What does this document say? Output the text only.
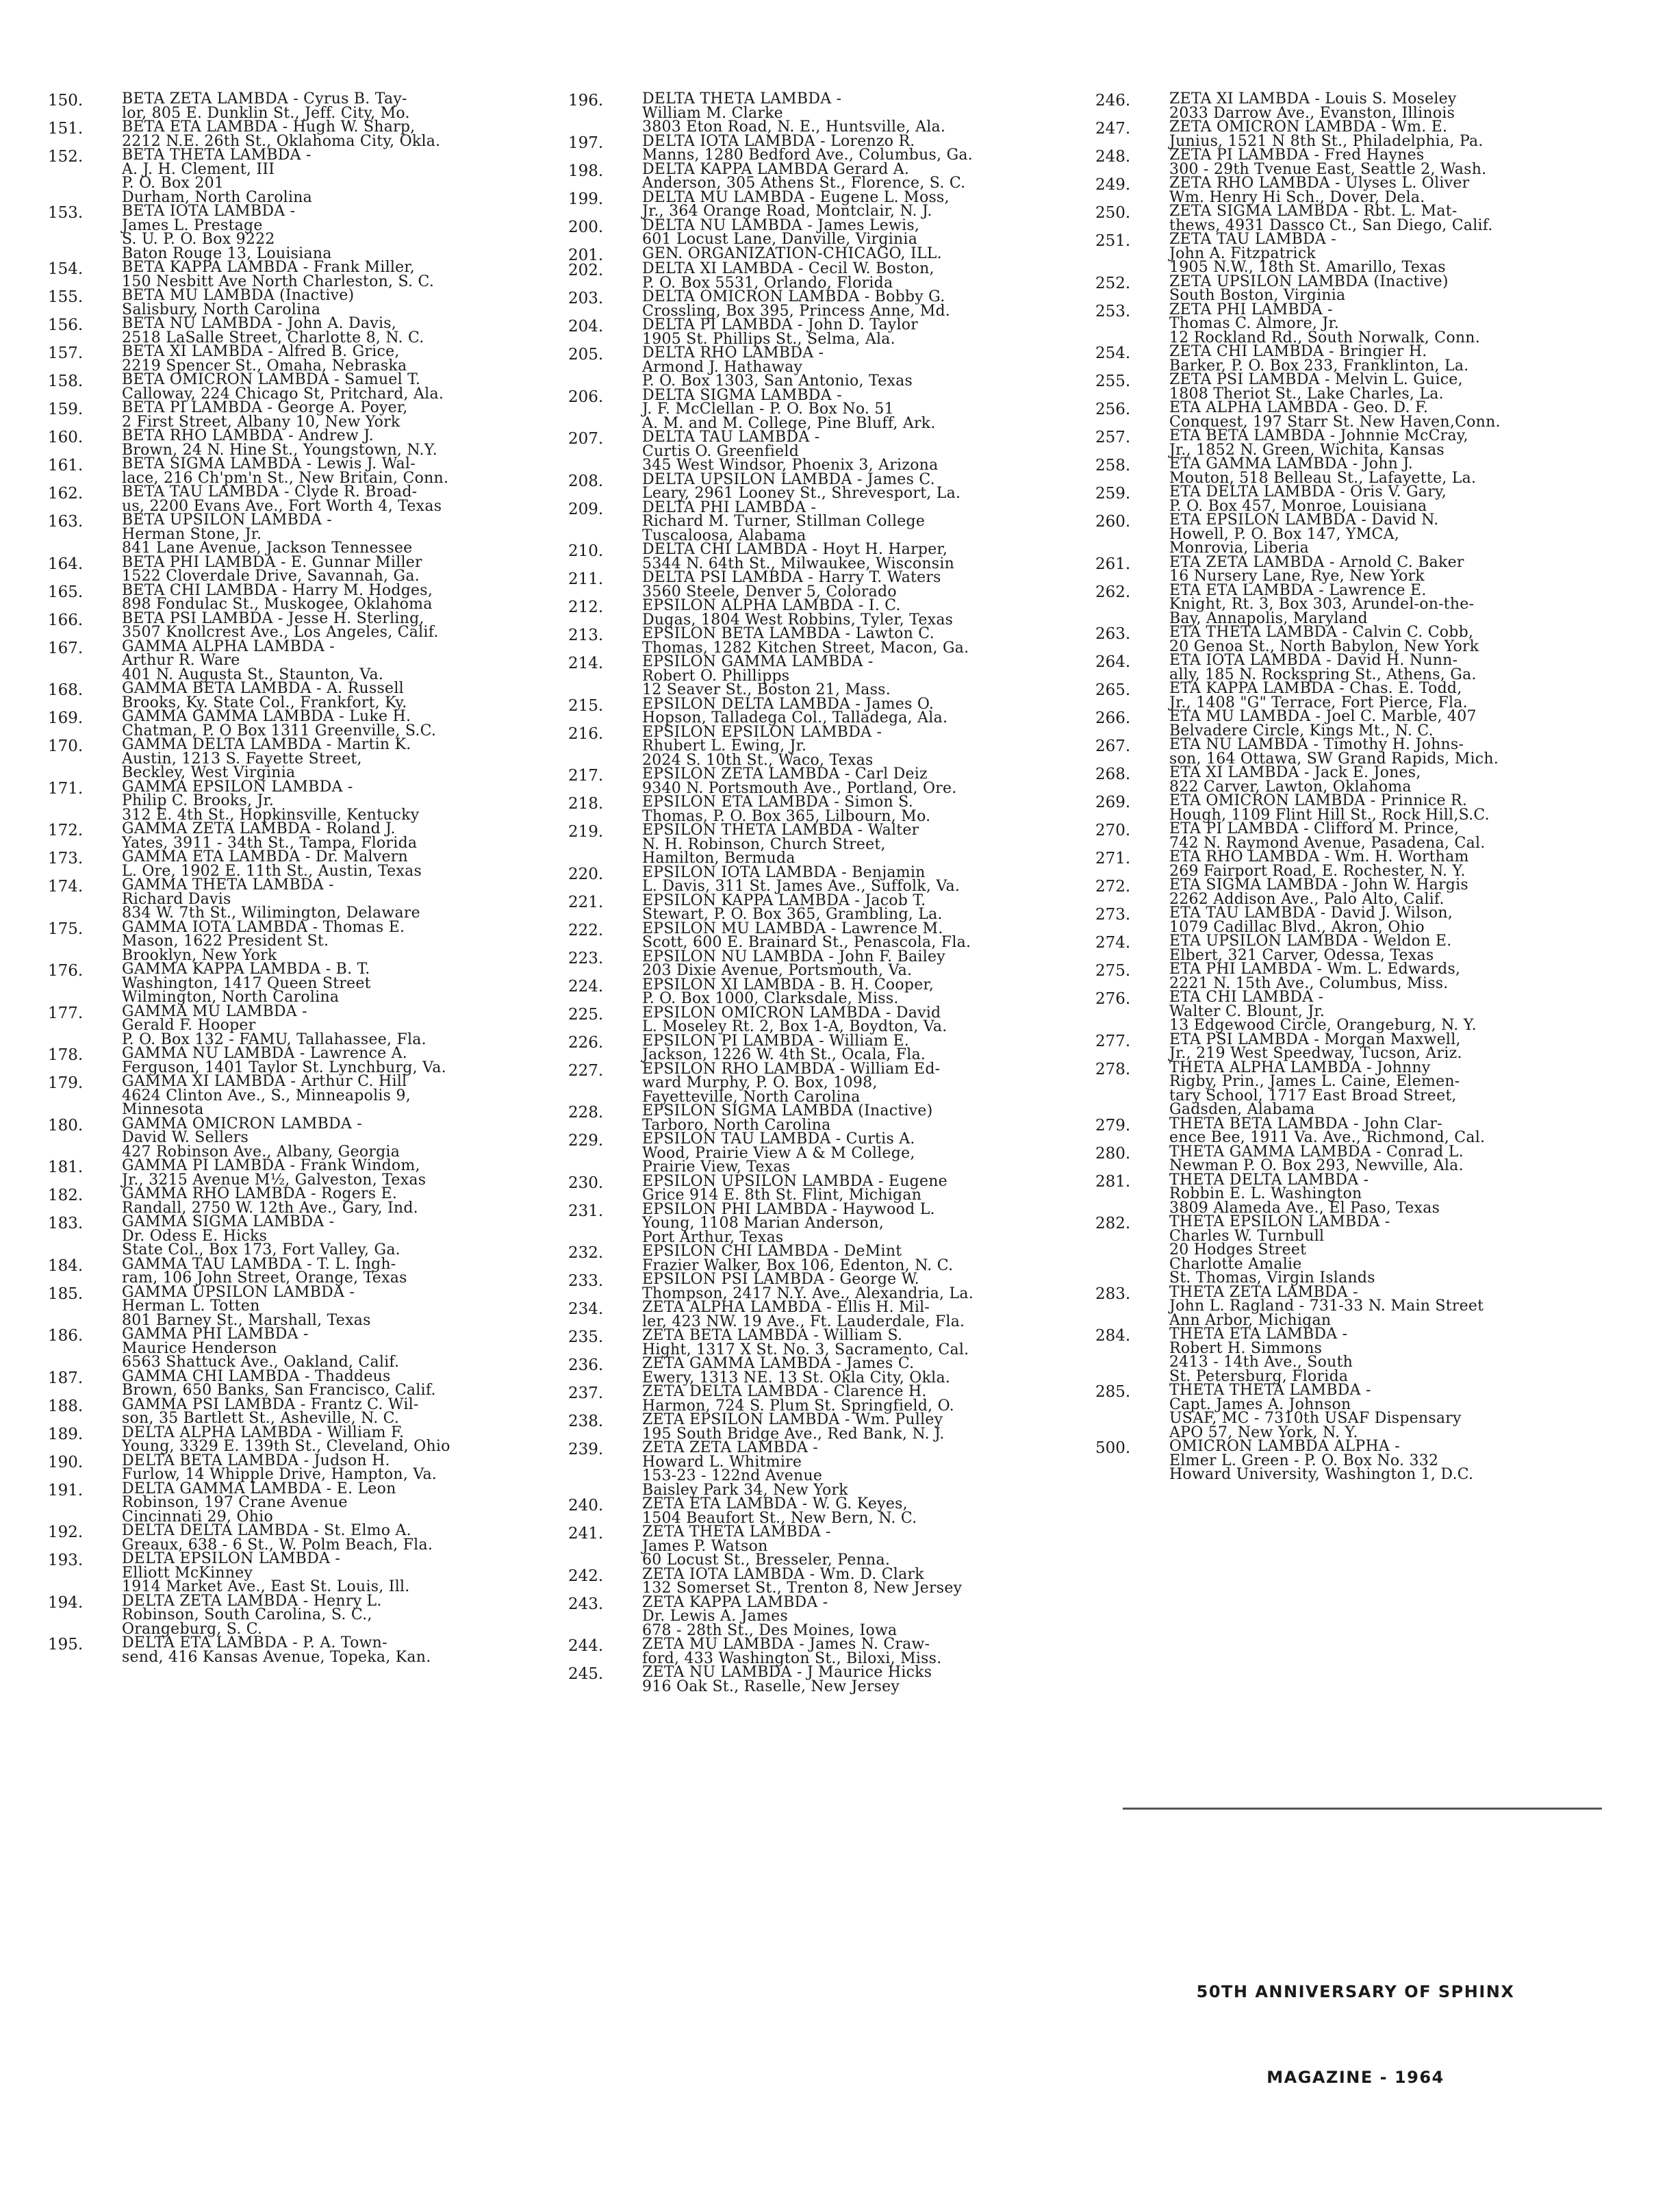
150.	BETA ZETA LAMBDA - Cyrus B. Tay-
lor, 805 E. Dunklin St., Jeff. City, Mo.
151.	BETA ETA LAMBDA - Hugh W. Sharp,
2212 N.E. 26th St., Oklahoma City, Okla.
152.	BETA THETA LAMBDA -
A. J. H. Clement, III
P. O. Box 201
Durham, North Carolina
153.	BETA IOTA LAMBDA -
James L. Prestage
S. U. P. O. Box 9222
Baton Rouge 13, Louisiana
154.	BETA KAPPA LAMBDA - Frank Miller,
150 Nesbitt Ave North Charleston, S. C.
155.	BETA MU LAMBDA (Inactive)
Salisbury, North Carolina
156.	BETA NU LAMBDA - John A. Davis,
2518 LaSalle Street, Charlotte 8, N. C.
157.	BETA XI LAMBDA - Alfred B. Grice,
2219 Spencer St., Omaha, Nebraska
158.	BETA OMICRON LAMBDA - Samuel T.
Calloway, 224 Chicago St, Pritchard, Ala.
159.	BETA PI LAMBDA - George A. Poyer,
2 First Street, Albany 10, New York
160.	BETA RHO LAMBDA - Andrew J.
Brown, 24 N. Hine St., Youngstown, N.Y.
161.	BETA SIGMA LAMBDA - Lewis J. Wal-
lace, 216 Ch'pm'n St., New Britain, Conn.
162.	BETA TAU LAMBDA - Clyde R. Broad-
us, 2200 Evans Ave., Fort Worth 4, Texas
163.	BETA UPSILON LAMBDA -
Herman Stone, Jr.
841 Lane Avenue, Jackson Tennessee
164.	BETA PHI LAMBDA - E. Gunnar Miller
1522 Cloverdale Drive, Savannah, Ga.
165.	BETA CHI LAMBDA - Harry M. Hodges,
898 Fondulac St., Muskogee, Oklahoma
166.	BETA PSI LAMBDA - Jesse H. Sterling,
3507 Knollcrest Ave., Los Angeles, Calif.
167.	GAMMA ALPHA LAMBDA -
Arthur R. Ware
401 N. Augusta St., Staunton, Va.
168.	GAMMA BETA LAMBDA - A. Russell
Brooks, Ky. State Col., Frankfort, Ky.
169.	GAMMA GAMMA LAMBDA - Luke H.
Chatman, P. O Box 1311 Greenville, S.C.
170.	GAMMA DELTA LAMBDA - Martin K.
Austin, 1213 S. Fayette Street,
Beckley, West Virginia
171.	GAMMA EPSILON LAMBDA -
Philip C. Brooks, Jr.
312 E. 4th St., Hopkinsville, Kentucky
172.	GAMMA ZETA LAMBDA - Roland J.
Yates, 3911 - 34th St., Tampa, Florida
173.	GAMMA ETA LAMBDA - Dr. Malvern
L. Ore, 1902 E. 11th St., Austin, Texas
174.	GAMMA THETA LAMBDA -
Richard Davis
834 W. 7th St., Wilimington, Delaware
175.	GAMMA IOTA LAMBDA - Thomas E.
Mason, 1622 President St.
Brooklyn, New York
176.	GAMMA KAPPA LAMBDA - B. T.
Washington, 1417 Queen Street
Wilmington, North Carolina
177.	GAMMA MU LAMBDA -
Gerald F. Hooper
P. O. Box 132 - FAMU, Tallahassee, Fla.
178.	GAMMA NU LAMBDA - Lawrence A.
Ferguson, 1401 Taylor St. Lynchburg, Va.
179.	GAMMA XI LAMBDA - Arthur C. Hill
4624 Clinton Ave., S., Minneapolis 9,
Minnesota
180.	GAMMA OMICRON LAMBDA -
David W. Sellers
427 Robinson Ave., Albany, Georgia
181.	GAMMA PI LAMBDA - Frank Windom,
Jr., 3215 Avenue M½, Galveston, Texas
182.	GAMMA RHO LAMBDA - Rogers E.
Randall, 2750 W. 12th Ave., Gary, Ind.
183.	GAMMA SIGMA LAMBDA -
Dr. Odess E. Hicks
State Col., Box 173, Fort Valley, Ga.
184.	GAMMA TAU LAMBDA - T. L. Ingh-
ram, 106 John Street, Orange, Texas
185.	GAMMA UPSILON LAMBDA -
Herman L. Totten
801 Barney St., Marshall, Texas
186.	GAMMA PHI LAMBDA -
Maurice Henderson
6563 Shattuck Ave., Oakland, Calif.
187.	GAMMA CHI LAMBDA - Thaddeus
Brown, 650 Banks, San Francisco, Calif.
188.	GAMMA PSI LAMBDA - Frantz C. Wil-
son, 35 Bartlett St., Asheville, N. C.
189.	DELTA ALPHA LAMBDA - William F.
Young, 3329 E. 139th St., Cleveland, Ohio
190.	DELTA BETA LAMBDA - Judson H.
Furlow, 14 Whipple Drive, Hampton, Va.
191.	DELTA GAMMA LAMBDA - E. Leon
Robinson, 197 Crane Avenue
Cincinnati 29, Ohio
192.	DELTA DELTA LAMBDA - St. Elmo A.
Greaux, 638 - 6 St., W. Polm Beach, Fla.
193.	DELTA EPSILON LAMBDA -
Elliott McKinney
1914 Market Ave., East St. Louis, Ill.
194.	DELTA ZETA LAMBDA - Henry L.
Robinson, South Carolina, S. C.,
Orangeburg, S. C.
195.	DELTA ETA LAMBDA - P. A. Town-
send, 416 Kansas Avenue, Topeka, Kan.
196.	DELTA THETA LAMBDA -
William M. Clarke
3803 Eton Road, N. E., Huntsville, Ala.
197.	DELTA IOTA LAMBDA - Lorenzo R.
Manns, 1280 Bedford Ave., Columbus, Ga.
198.	DELTA KAPPA LAMBDA Gerard A.
Anderson, 305 Athens St., Florence, S. C.
199.	DELTA MU LAMBDA - Eugene L. Moss,
Jr., 364 Orange Road, Montclair, N. J.
200.	DELTA NU LAMBDA - James Lewis,
601 Locust Lane, Danville, Virginia
201.	GEN. ORGANIZATION-CHICAGO, ILL.
202.	DELTA XI LAMBDA - Cecil W. Boston,
P. O. Box 5531, Orlando, Florida
203.	DELTA OMICRON LAMBDA - Bobby G.
Crossling, Box 395, Princess Anne, Md.
204.	DELTA PI LAMBDA - John D. Taylor
1905 St. Phillips St., Selma, Ala.
205.	DELTA RHO LAMBDA -
Armond J. Hathaway
P. O. Box 1303, San Antonio, Texas
206.	DELTA SIGMA LAMBDA -
J. F. McClellan - P. O. Box No. 51
A. M. and M. College, Pine Bluff, Ark.
207.	DELTA TAU LAMBDA -
Curtis O. Greenfield
345 West Windsor, Phoenix 3, Arizona
208.	DELTA UPSILON LAMBDA - James C.
Leary, 2961 Looney St., Shrevesport, La.
209.	DELTA PHI LAMBDA -
Richard M. Turner, Stillman College
Tuscaloosa, Alabama
210.	DELTA CHI LAMBDA - Hoyt H. Harper,
5344 N. 64th St., Milwaukee, Wisconsin
211.	DELTA PSI LAMBDA - Harry T. Waters
3560 Steele, Denver 5, Colorado
212.	EPSILON ALPHA LAMBDA - I. C.
Dugas, 1804 West Robbins, Tyler, Texas
213.	EPSILON BETA LAMBDA - Lawton C.
Thomas, 1282 Kitchen Street, Macon, Ga.
214.	EPSILON GAMMA LAMBDA -
Robert O. Phillipps
12 Seaver St., Boston 21, Mass.
215.	EPSILON DELTA LAMBDA - James O.
Hopson, Talladega Col., Talladega, Ala.
216.	EPSILON EPSILON LAMBDA -
Rhubert L. Ewing, Jr.
2024 S. 10th St., Waco, Texas
217.	EPSILON ZETA LAMBDA - Carl Deiz
9340 N. Portsmouth Ave., Portland, Ore.
218.	EPSILON ETA LAMBDA - Simon S.
Thomas, P. O. Box 365, Lilbourn, Mo.
219.	EPSILON THETA LAMBDA - Walter
N. H. Robinson, Church Street,
Hamilton, Bermuda
220.	EPSILON IOTA LAMBDA - Benjamin
L. Davis, 311 St. James Ave., Suffolk, Va.
221.	EPSILON KAPPA LAMBDA - Jacob T.
Stewart, P. O. Box 365, Grambling, La.
222.	EPSILON MU LAMBDA - Lawrence M.
Scott, 600 E. Brainard St., Penascola, Fla.
223.	EPSILON NU LAMBDA - John F. Bailey
203 Dixie Avenue, Portsmouth, Va.
224.	EPSILON XI LAMBDA - B. H. Cooper,
P. O. Box 1000, Clarksdale, Miss.
225.	EPSILON OMICRON LAMBDA - David
L. Moseley Rt. 2, Box 1-A, Boydton, Va.
226.	EPSILON PI LAMBDA - William E.
Jackson, 1226 W. 4th St., Ocala, Fla.
227.	EPSILON RHO LAMBDA - William Ed-
ward Murphy, P. O. Box, 1098,
Fayetteville, North Carolina
228.	EPSILON SIGMA LAMBDA (Inactive)
Tarboro, North Carolina
229.	EPSILON TAU LAMBDA - Curtis A.
Wood, Prairie View A & M College,
Prairie View, Texas
230.	EPSILON UPSILON LAMBDA - Eugene
Grice 914 E. 8th St. Flint, Michigan
231.	EPSILON PHI LAMBDA - Haywood L.
Young, 1108 Marian Anderson,
Port Arthur, Texas
232.	EPSILON CHI LAMBDA - DeMint
Frazier Walker, Box 106, Edenton, N. C.
233.	EPSILON PSI LAMBDA - George W.
Thompson, 2417 N.Y. Ave., Alexandria, La.
234.	ZETA ALPHA LAMBDA - Ellis H. Mil-
ler, 423 NW. 19 Ave., Ft. Lauderdale, Fla.
235.	ZETA BETA LAMBDA - William S.
Hight, 1317 X St. No. 3, Sacramento, Cal.
236.	ZETA GAMMA LAMBDA - James C.
Ewery, 1313 NE. 13 St. Okla City, Okla.
237.	ZETA DELTA LAMBDA - Clarence H.
Harmon, 724 S. Plum St. Springfield, O.
238.	ZETA EPSILON LAMBDA - Wm. Pulley
195 South Bridge Ave., Red Bank, N. J.
239.	ZETA ZETA LAMBDA -
Howard L. Whitmire
153-23 - 122nd Avenue
Baisley Park 34, New York
240.	ZETA ETA LAMBDA - W. G. Keyes,
1504 Beaufort St., New Bern, N. C.
241.	ZETA THETA LAMBDA -
James P. Watson
60 Locust St., Bresseler, Penna.
242.	ZETA IOTA LAMBDA - Wm. D. Clark
132 Somerset St., Trenton 8, New Jersey
243.	ZETA KAPPA LAMBDA -
Dr. Lewis A. James
678 - 28th St., Des Moines, Iowa
244.	ZETA MU LAMBDA - James N. Craw-
ford, 433 Washington St., Biloxi, Miss.
245.	ZETA NU LAMBDA - J Maurice Hicks
916 Oak St., Raselle, New Jersey
246.	ZETA XI LAMBDA - Louis S. Moseley
2033 Darrow Ave., Evanston, Illinois
247.	ZETA OMICRON LAMBDA - Wm. E.
Junius, 1521 N 8th St., Philadelphia, Pa.
248.	ZETA PI LAMBDA - Fred Haynes
300 - 29th Tvenue East, Seattle 2, Wash.
249.	ZETA RHO LAMBDA - Ulyses L. Oliver
Wm. Henry Hi Sch., Dover, Dela.
250.	ZETA SIGMA LAMBDA - Rbt. L. Mat-
thews, 4931 Dassco Ct., San Diego, Calif.
251.	ZETA TAU LAMBDA -
John A. Fitzpatrick
1905 N.W., 18th St. Amarillo, Texas
252.	ZETA UPSILON LAMBDA (Inactive)
South Boston, Virginia
253.	ZETA PHI LAMBDA -
Thomas C. Almore, Jr.
12 Rockland Rd., South Norwalk, Conn.
254.	ZETA CHI LAMBDA - Bringier H.
Barker, P. O. Box 233, Franklinton, La.
255.	ZETA PSI LAMBDA - Melvin L. Guice,
1808 Theriot St., Lake Charles, La.
256.	ETA ALPHA LAMBDA - Geo. D. F.
Conquest, 197 Starr St. New Haven,Conn.
257.	ETA BETA LAMBDA - Johnnie McCray,
Jr., 1852 N. Green, Wichita, Kansas
258.	ETA GAMMA LAMBDA - John J.
Mouton, 518 Belleau St., Lafayette, La.
259.	ETA DELTA LAMBDA - Oris V. Gary,
P. O. Box 457, Monroe, Louisiana
260.	ETA EPSILON LAMBDA - David N.
Howell, P. O. Box 147, YMCA,
Monrovia, Liberia
261.	ETA ZETA LAMBDA - Arnold C. Baker
16 Nursery Lane, Rye, New York
262.	ETA ETA LAMBDA - Lawrence E.
Knight, Rt. 3, Box 303, Arundel-on-the-
Bay, Annapolis, Maryland
263.	ETA THETA LAMBDA - Calvin C. Cobb,
20 Genoa St., North Babylon, New York
264.	ETA IOTA LAMBDA - David H. Nunn-
ally, 185 N. Rockspring St., Athens, Ga.
265.	ETA KAPPA LAMBDA - Chas. E. Todd,
Jr., 1408 "G" Terrace, Fort Pierce, Fla.
266.	ETA MU LAMBDA - Joel C. Marble, 407
Belvadere Circle, Kings Mt., N. C.
267.	ETA NU LAMBDA - Timothy H. Johns-
son, 164 Ottawa, SW Grand Rapids, Mich.
268.	ETA XI LAMBDA - Jack E. Jones,
822 Carver, Lawton, Oklahoma
269.	ETA OMICRON LAMBDA - Prinnice R.
Hough, 1109 Flint Hill St., Rock Hill,S.C.
270.	ETA PI LAMBDA - Clifford M. Prince,
742 N. Raymond Avenue, Pasadena, Cal.
271.	ETA RHO LAMBDA - Wm. H. Wortham
269 Fairport Road, E. Rochester, N. Y.
272.	ETA SIGMA LAMBDA - John W. Hargis
2262 Addison Ave., Palo Alto, Calif.
273.	ETA TAU LAMBDA - David J. Wilson,
1079 Cadillac Blvd., Akron, Ohio
274.	ETA UPSILON LAMBDA - Weldon E.
Elbert, 321 Carver, Odessa, Texas
275.	ETA PHI LAMBDA - Wm. L. Edwards,
2221 N. 15th Ave., Columbus, Miss.
276.	ETA CHI LAMBDA -
Walter C. Blount, Jr.
13 Edgewood Circle, Orangeburg, N. Y.
277.	ETA PSI LAMBDA - Morgan Maxwell,
Jr., 219 West Speedway, Tucson, Ariz.
278.	THETA ALPHA LAMBDA - Johnny
Rigby, Prin., James L. Caine, Elemen-
tary School, 1717 East Broad Street,
Gadsden, Alabama
279.	THETA BETA LAMBDA - John Clar-
ence Bee, 1911 Va. Ave., Richmond, Cal.
280.	THETA GAMMA LAMBDA - Conrad L.
Newman P. O. Box 293, Newville, Ala.
281.	THETA DELTA LAMBDA -
Robbin E. L. Washington
3809 Alameda Ave., El Paso, Texas
282.	THETA EPSILON LAMBDA -
Charles W. Turnbull
20 Hodges Street
Charlotte Amalie
St. Thomas, Virgin Islands
283.	THETA ZETA LAMBDA -
John L. Ragland - 731-33 N. Main Street
Ann Arbor, Michigan
284.	THETA ETA LAMBDA -
Robert H. Simmons
2413 - 14th Ave., South
St. Petersburg, Florida
285.	THETA THETA LAMBDA -
Capt. James A. Johnson
USAF, MC - 7310th USAF Dispensary
APO 57, New York, N. Y.
500.	OMICRON LAMBDA ALPHA -
Elmer L. Green - P. O. Box No. 332
Howard University, Washington 1, D.C.
50TH ANNIVERSARY OF SPHINX
MAGAZINE - 1964
